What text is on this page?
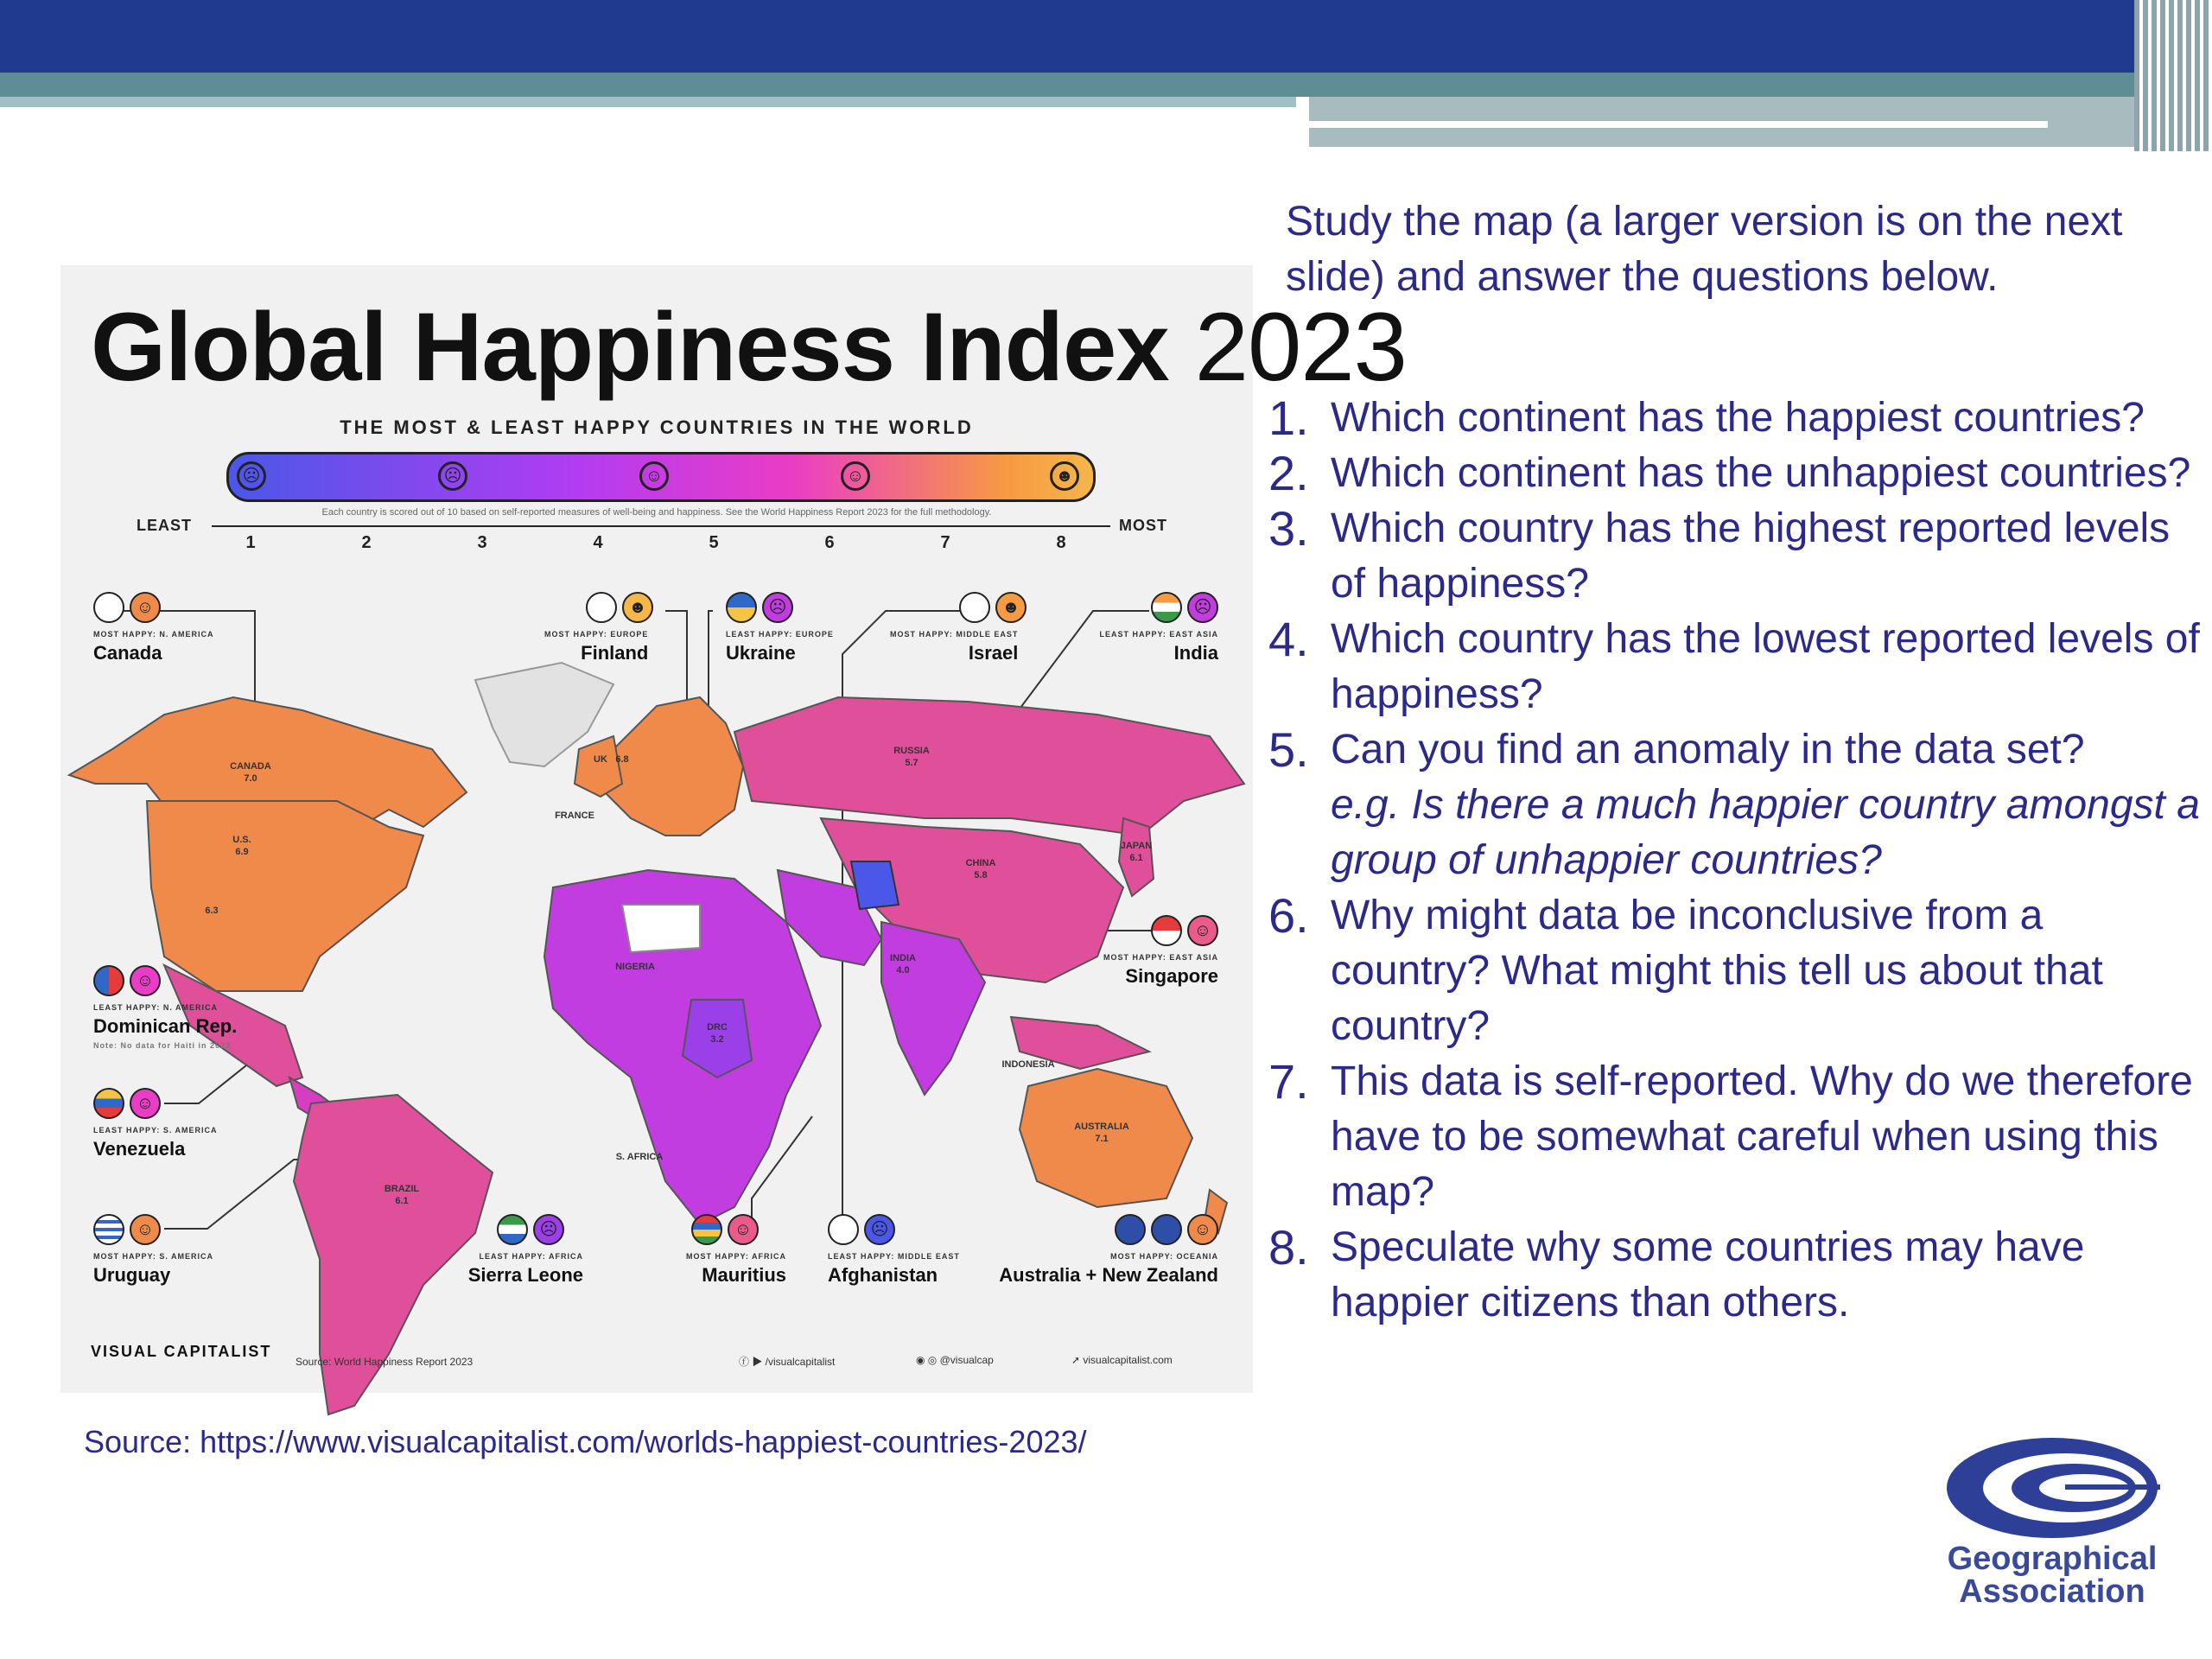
Global Happiness Index 2023
THE MOST & LEAST HAPPY COUNTRIES IN THE WORLD
☹	☹	☺	☺	☻
Each country is scored out of 10 based on self-reported measures of well-being and happiness. See the World Happiness Report 2023 for the full methodology.
LEAST	MOST
1	2	3	4	5	6	7	8
CANADA
7.0
U.S.
6.9
6.3
BRAZIL
6.1
UK 6.8
FRANCE
RUSSIA
5.7
CHINA
5.8
INDIA
4.0
JAPAN
6.1
AUSTRALIA
7.1
DRC
3.2
NIGERIA
S. AFRICA
INDONESIA
☺
MOST HAPPY: N. AMERICA
Canada
☻
MOST HAPPY: EUROPE
Finland
☹
LEAST HAPPY: EUROPE
Ukraine
☻
MOST HAPPY: MIDDLE EAST
Israel
☹
LEAST HAPPY: EAST ASIA
India
☺
MOST HAPPY: EAST ASIA
Singapore
☺
LEAST HAPPY: N. AMERICA
Dominican Rep.
Note: No data for Haiti in 2023
☺
LEAST HAPPY: S. AMERICA
Venezuela
☺
MOST HAPPY: S. AMERICA
Uruguay
☹
LEAST HAPPY: AFRICA
Sierra Leone
☺
MOST HAPPY: AFRICA
Mauritius
☹
LEAST HAPPY: MIDDLE EAST
Afghanistan
☺
MOST HAPPY: OCEANIA
Australia + New Zealand
VISUAL CAPITALIST
Source: World Happiness Report 2023	ⓕ ▶ /visualcapitalist	◉ ◎ @visualcap	➚ visualcapitalist.com
Study the map (a larger version is on the next slide) and answer the questions below.
1. Which continent has the happiest countries?
2. Which continent has the unhappiest countries?
3. Which country has the highest reported levels of happiness?
4. Which country has the lowest reported levels of happiness?
5. Can you find an anomaly in the data set?
e.g. Is there a much happier country amongst a group of unhappier countries?
6. Why might data be inconclusive from a country? What might this tell us about that country?
7. This data is self-reported. Why do we therefore have to be somewhat careful when using this map?
8. Speculate why some countries may have happier citizens than others.
Source: https://www.visualcapitalist.com/worlds-happiest-countries-2023/
Geographical
Association
